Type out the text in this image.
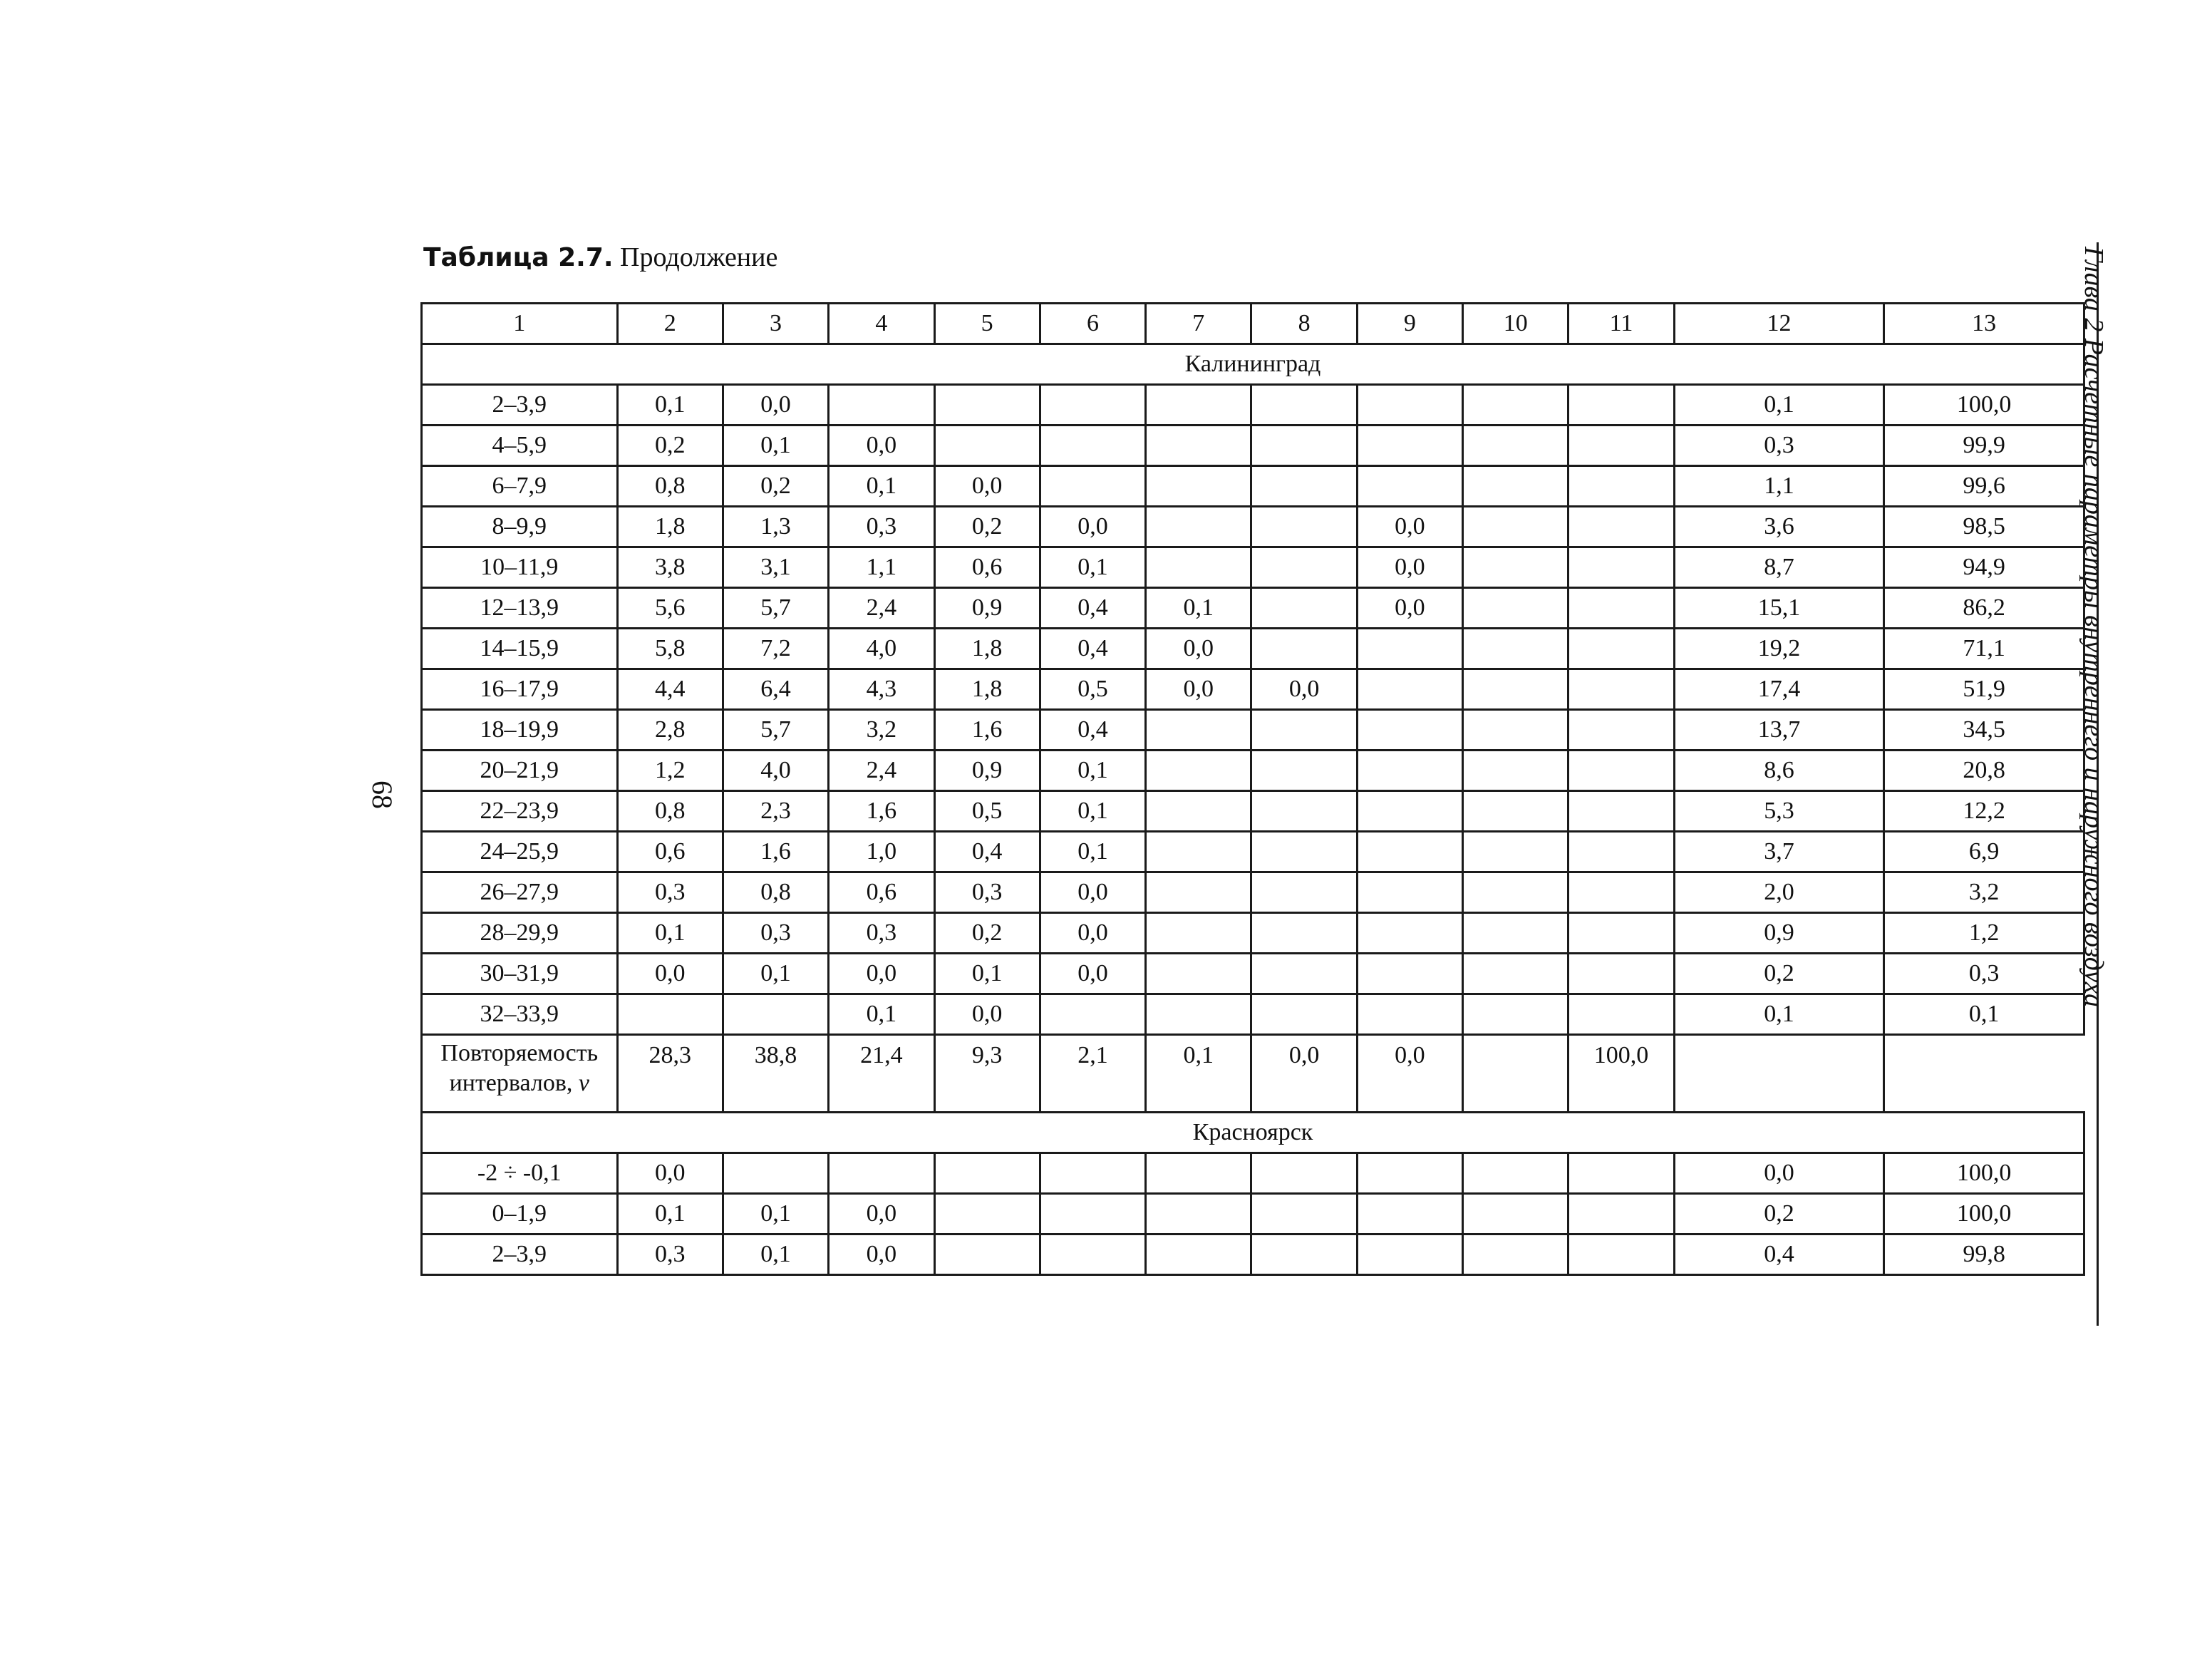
Таблица 2.7. Продолжение
68	Глава 2 Расчетные параметры внутреннего и наружного воздуха
1	2	3	4	5	6	7	8	9	10	11	12	13
Калининград												
2–3,9	0,1	0,0									0,1	100,0
4–5,9	0,2	0,1	0,0								0,3	99,9
6–7,9	0,8	0,2	0,1	0,0							1,1	99,6
8–9,9	1,8	1,3	0,3	0,2	0,0			0,0			3,6	98,5
10–11,9	3,8	3,1	1,1	0,6	0,1			0,0			8,7	94,9
12–13,9	5,6	5,7	2,4	0,9	0,4	0,1		0,0			15,1	86,2
14–15,9	5,8	7,2	4,0	1,8	0,4	0,0					19,2	71,1
16–17,9	4,4	6,4	4,3	1,8	0,5	0,0	0,0				17,4	51,9
18–19,9	2,8	5,7	3,2	1,6	0,4						13,7	34,5
20–21,9	1,2	4,0	2,4	0,9	0,1						8,6	20,8
22–23,9	0,8	2,3	1,6	0,5	0,1						5,3	12,2
24–25,9	0,6	1,6	1,0	0,4	0,1						3,7	6,9
26–27,9	0,3	0,8	0,6	0,3	0,0						2,0	3,2
28–29,9	0,1	0,3	0,3	0,2	0,0						0,9	1,2
30–31,9	0,0	0,1	0,0	0,1	0,0						0,2	0,3
32–33,9			0,1	0,0							0,1	0,1
Повторяемость
интервалов, v	28,3	38,8	21,4	9,3	2,1	0,1	0,0	0,0		100,0		
Красноярск												
-2 ÷ -0,1	0,0										0,0	100,0
0–1,9	0,1	0,1	0,0								0,2	100,0
2–3,9	0,3	0,1	0,0								0,4	99,8
